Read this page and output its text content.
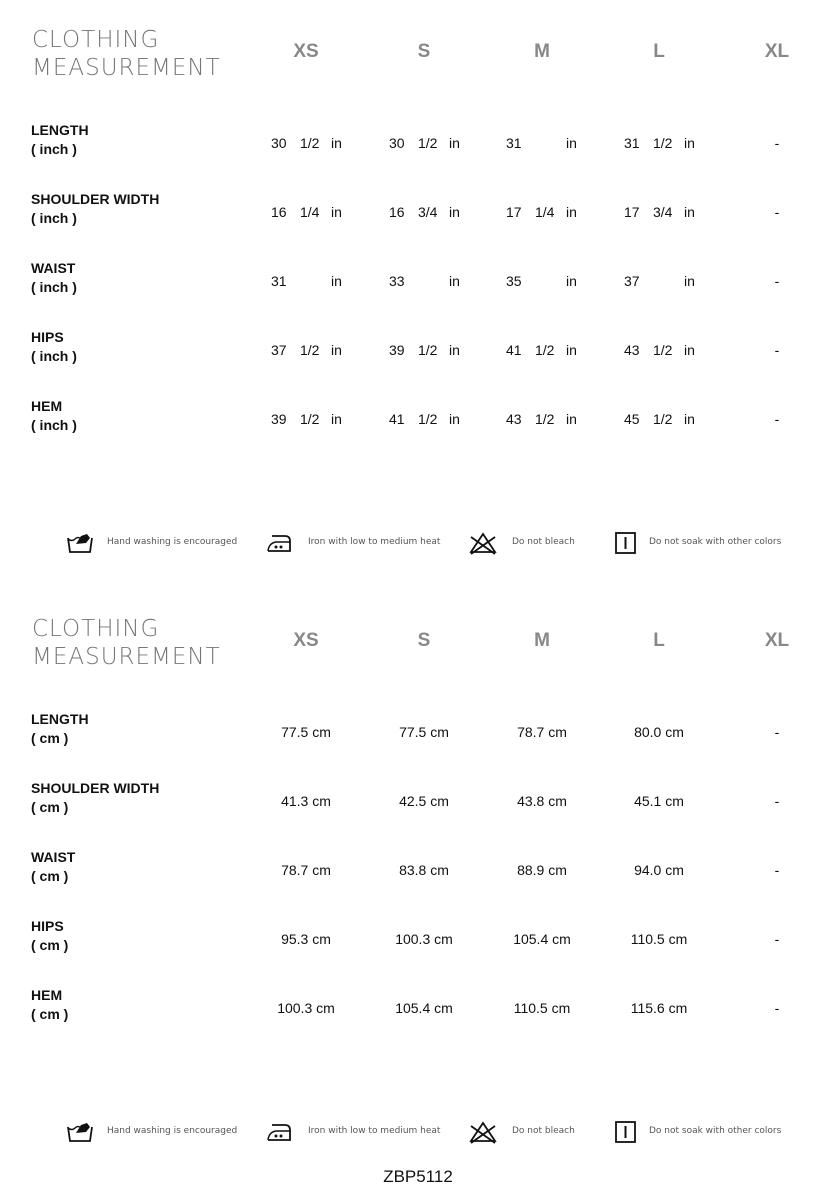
CLOTHING
MEASUREMENT
XS	S	M	L	XL
LENGTH
( inch )	30 1/2 in	30 1/2 in	31	in	31 1/2 in	-
SHOULDER WIDTH
( inch )	16 1/4 in	16 3/4 in	17 1/4 in	17 3/4 in	-
WAIST
( inch )	31	in	33	in	35	in	37	in	-
HIPS
( inch )	37 1/2 in	39 1/2 in	41 1/2 in	43 1/2 in	-
HEM
( inch )	39 1/2 in	41 1/2 in	43 1/2 in	45 1/2 in	-
Hand washing is encouraged	Iron with low to medium heat	Do not bleach	Do not soak with other colors
CLOTHING
MEASUREMENT
XS	S	M	L	XL
LENGTH
( cm )	77.5 cm	77.5 cm	78.7 cm	80.0 cm	-
SHOULDER WIDTH
( cm )	41.3 cm	42.5 cm	43.8 cm	45.1 cm	-
WAIST
( cm )	78.7 cm	83.8 cm	88.9 cm	94.0 cm	-
HIPS
( cm )	95.3 cm	100.3 cm	105.4 cm	110.5 cm	-
HEM
( cm )	100.3 cm	105.4 cm	110.5 cm	115.6 cm	-
Hand washing is encouraged	Iron with low to medium heat	Do not bleach	Do not soak with other colors
ZBP5112
